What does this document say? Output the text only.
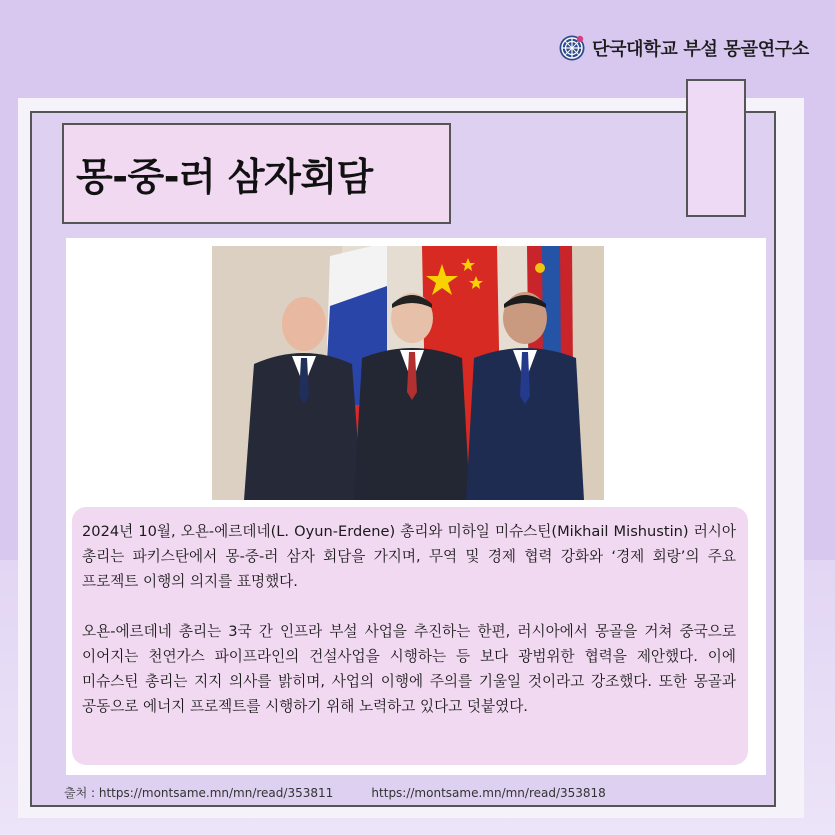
단국대학교 부설 몽골연구소
몽-중-러 삼자회담

2024년 10월, 오욘-에르데네(L. Oyun-Erdene) 총리와 미하일 미슈스틴(Mikhail Mishustin) 러시아 총리는 파키스탄에서 몽-중-러 삼자 회담을 가지며, 무역 및 경제 협력 강화와 ‘경제 회랑’의 주요 프로젝트 이행의 의지를 표명했다.

오욘-에르데네 총리는 3국 간 인프라 부설 사업을 추진하는 한편, 러시아에서 몽골을 거쳐 중국으로 이어지는 천연가스 파이프라인의 건설사업을 시행하는 등 보다 광범위한 협력을 제안했다. 이에 미슈스틴 총리는 지지 의사를 밝히며, 사업의 이행에 주의를 기울일 것이라고 강조했다. 또한 몽골과 공동으로 에너지 프로젝트를 시행하기 위해 노력하고 있다고 덧붙였다.

출처 : https://montsame.mn/mn/read/353811	https://montsame.mn/mn/read/353818
